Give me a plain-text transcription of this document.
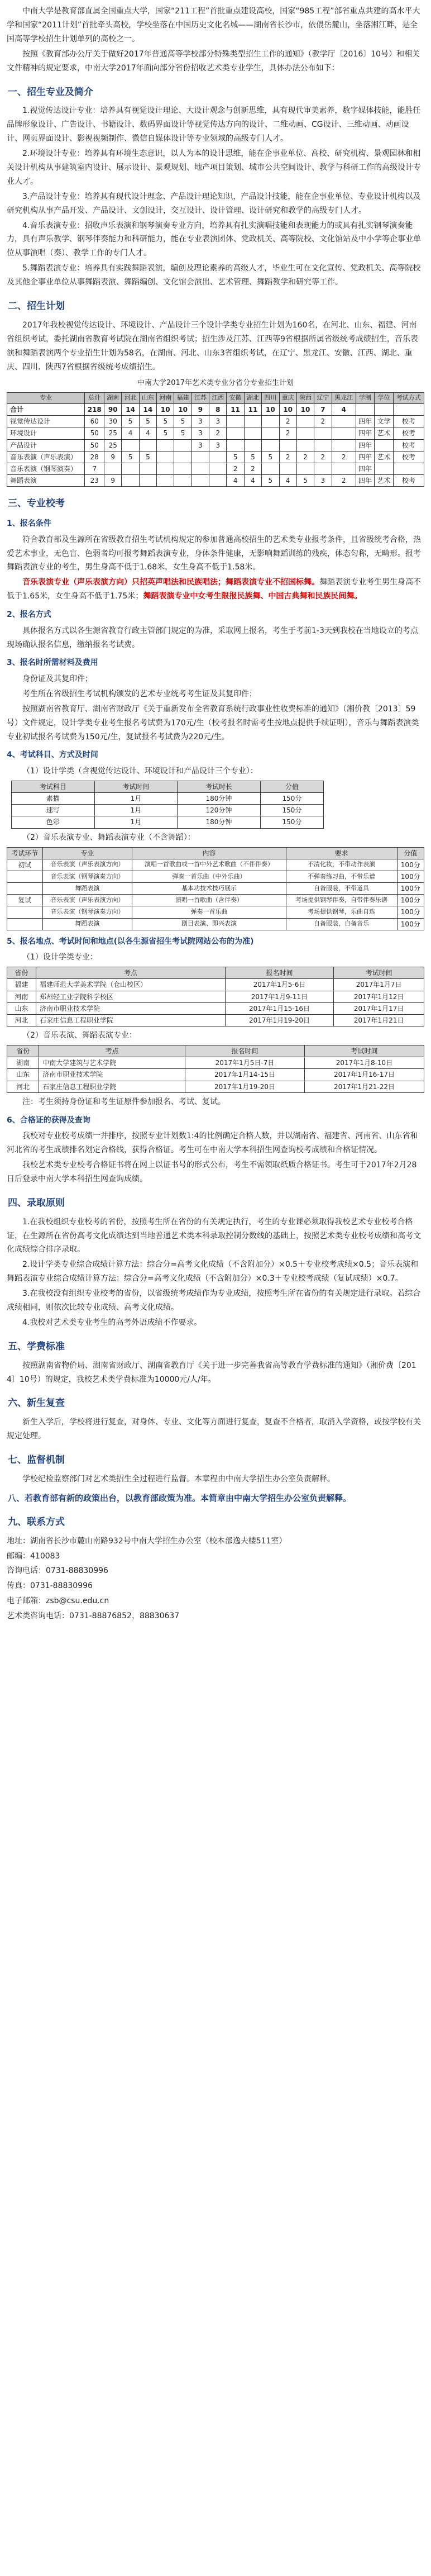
中南大学是教育部直属全国重点大学，国家“211工程”首批重点建设高校，国家“985工程”部省重点共建的高水平大学和国家“2011计划”首批牵头高校，学校坐落在中国历史文化名城——湖南省长沙市，依偎岳麓山，坐落湘江畔，是全国高等学校招生计划单列的高校之一。

按照《教育部办公厅关于做好2017年普通高等学校部分特殊类型招生工作的通知》（教学厅〔2016〕10号）和相关文件精神的规定要求，中南大学2017年面向部分省份招收艺术类专业学生，具体办法公布如下：

一、招生专业及简介

1.视觉传达设计专业：培养具有视觉设计理论、大设计观念与创新思维，具有现代审美素养，数字媒体技能，能胜任品牌形象设计、广告设计、书籍设计、数码界面设计等视觉传达方向的设计、二维动画、CG设计、三维动画、动画设计、网页界面设计、影视视频制作、微信自媒体设计等专业领域的高级专门人才。

2.环境设计专业：培养具有环境生态意识，以人为本的设计思维，能在企事业单位、高校、研究机构、景观园林和相关设计机构从事建筑室内设计、展示设计、景观规划、地产项目策划、城市公共空间设计、教学与科研工作的高级设计专业人才。

3.产品设计专业：培养具有现代设计理念、产品设计理论知识，产品设计技能，能在企事业单位、专业设计机构以及研究机构从事产品开发、产品设计、文创设计，交互设计、设计管理、设计研究和教学的高级专门人才。

4.音乐表演专业：招收声乐表演和钢琴演奏专业方向，培养具有扎实演唱技能和表现能力的或具有扎实钢琴演奏能力，具有声乐教学、钢琴伴奏能力和科研能力，能在专业表演团体、党政机关、高等院校、文化馆站及中小学等企事业单位从事演唱（奏）、教学工作的专门人才。

5.舞蹈表演专业：培养具有实践舞蹈表演，编创及理论素养的高级人才，毕业生可在文化宣传、党政机关、高等院校及其他企事业单位从事舞蹈表演、舞蹈编创、文化馆会演出、艺术管理、舞蹈教学和研究等工作。

二、招生计划

2017年我校视觉传达设计、环境设计、产品设计三个设计学类专业招生计划为160名，在河北、山东、福建、河南省组织考试，委托湖南省教育考试院在湖南省组织考试；招生涉及江苏、江西等9省根据所属省级统考成绩招生，音乐表演和舞蹈表演两个专业招生计划为58名，在湖南、河北、山东3省组织考试，在辽宁、黑龙江、安徽、江西、湖北、重庆、四川、陕西7省根据省级统考成绩招生。

中南大学2017年艺术类专业分省分专业招生计划
专业	总计	湖南	河北	山东	河南	福建	江苏	江西	安徽	湖北	四川	重庆	陕西	辽宁	黑龙江	学制	学位	考试方式
合计	218	90	14	14	10	10	9	8	11	11	10	10	10	7	4			
视觉传达设计	60	30	5	5	5	5	3	3				2		2		四年	文学	校考
环境设计	50	25	4	4	5	5	3	2				2				四年	艺术	校考
产品设计	50	25					3	3								四年		校考
音乐表演（声乐表演）	28	9	5	5					5	5	5	2	2	2	2	四年	艺术	校考
音乐表演（钢琴演奏）	7								2	2						四年		
舞蹈表演	23	9							4	4	5	4	5	3	2	四年	艺术	校考
三、专业校考
1、报名条件

符合教育部及生源所在省级教育招生考试机构规定的参加普通高校招生的艺术类专业报考条件，且省级统考合格，热爱艺术事业，无色盲、色弱者均可报考舞蹈表演专业，身体条件健康，无影响舞蹈训练的残疾，体态匀称，无畸形。报考舞蹈表演专业的考生，男生身高不低于1.68米，女生身高不低于1.58米。

音乐表演专业（声乐表演方向）只招英声唱法和民族唱法；舞蹈表演专业不招国标舞。舞蹈表演专业考生男生身高不低于1.65米，女生身高不低于1.75米；舞蹈表演专业中女考生限报民族舞、中国古典舞和民族民间舞。

2、报名方式

具体报名方式以各生源省教育行政主管部门规定的为准，采取网上报名，考生于考前1-3天到我校在当地设立的考点现场确认报名信息，缴纳报名考试费。

3、报名时所需材料及费用

身份证及其复印件；

考生所在省级招生考试机构颁发的艺术专业统考考生证及其复印件；

按照湖南省教育厅、湖南省财政厅《关于重新发布全省教育系统行政事业性收费标准的通知》（湘价教〔2013〕59号）文件规定，设计学类专业考生报名考试费为170元/生（校考报名时需考生按地点提供手续证明），音乐与舞蹈表演类专业初试报名考试费为150元/生，复试报名考试费为220元/生。

4、考试科目、方式及时间

（1）设计学类（含视觉传达设计、环境设计和产品设计三个专业）：

考试科目	考试时间	考试时长	分值
素描	1月	180分钟	150分
速写	1月	120分钟	150分
色彩	1月	180分钟	150分

（2）音乐表演专业、舞蹈表演专业（不含舞蹈）：

考试环节	专业	内容	要求	分值
初试	音乐表演（声乐表演方向）	演唱一首歌曲或一首中外艺术歌曲（不伴伴奏）	不清化妆，不带动作表演	100分
	音乐表演（钢琴演奏方向）	弹奏一首乐曲（中外乐曲）	不弹奏练习曲，不带乐谱	100分
	舞蹈表演	基本功技术技巧展示	自备服装，不带道具	100分
复试	音乐表演（声乐表演方向）	演唱一首歌曲（含伴奏）	考场提供钢琴伴奏，自带伴奏乐谱	100分
	音乐表演（钢琴演奏方向）	弹奏一首乐曲	考场提供钢琴，乐曲自选	100分
	舞蹈表演	剧目表演、即兴表演	自备服装，自备音乐	100分
5、报名地点、考试时间和地点(以各生源省招生考试院网站公布的为准)

（1）设计学类专业：

省份	考点	报名时间	考试时间
福建	福建师范大学美术学院（仓山校区）	2017年1月5-6日	2017年1月7日
河南	郑州轻工业学院科学校区	2017年1月9-11日	2017年1月12日
山东	济南市职业技术学院	2017年1月15-16日	2017年1月17日
河北	石家庄信息工程职业学院	2017年1月19-20日	2017年1月21日

（2）音乐表演、舞蹈表演专业：

省份	考点	报名时间	考试时间
湖南	中南大学建筑与艺术学院	2017年1月5日-7日	2017年1月8-10日
山东	济南市职业技术学院	2017年1月14-15日	2017年1月16-17日
河北	石家庄信息工程职业学院	2017年1月19-20日	2017年1月21-22日

注：考生须持身份证和考生证原件参加报名、考试、复试。

6、合格证的获得及查询

我校对专业校考成绩一并排序，按照专业计划数1:4的比例确定合格人数，并以湖南省、福建省、河南省、山东省和河北省的考生成绩排名划定合格线，获得合格证。考生可在中南大学本科招生网查询校考成绩和合格证情况。

我校艺术类专业校考合格证书将在网上以证书号的形式公布，考生不需领取纸质合格证书。考生可于2017年2月28日后登录中南大学本科招生网查询成绩。

四、录取原则

1.在我校组织专业校考的省份，按照考生所在省份的有关规定执行，考生的专业课必须取得我校艺术专业校考合格证，在生源所在省份高考文化成绩达到当地普通艺术类本科录取控制分数线的基础上，按照艺术类专业校考成绩和高考文化成绩综合排序录取。

2.设计学类专业综合成绩计算方法：综合分=高考文化成绩（不含附加分）×0.5＋专业校考成绩×0.5；音乐表演和舞蹈表演专业综合成绩计算方法：综合分=高考文化成绩（不含附加分）×0.3＋专业校考成绩（复试成绩）×0.7。

3.在我校没有组织专业校考的省份，以省级统考成绩作为专业成绩，按照考生所在省份的有关规定进行录取。若综合成绩相同，则依次比较专业成绩、高考文化成绩。

4.我校对艺术类专业考生的高考外语成绩不作要求。

五、学费标准

按照湖南省物价局、湖南省财政厅、湖南省教育厅《关于进一步完善我省高等教育学费标准的通知》（湘价费〔2014〕10号）的规定，我校艺术类学费标准为10000元/人/年。

六、新生复查

新生入学后，学校将进行复查，对身体、专业、文化等方面进行复查，复查不合格者，取消入学资格，或按学校有关规定处理。

七、监督机制

学校纪检监察部门对艺术类招生全过程进行监督。本章程由中南大学招生办公室负责解释。

八、若教育部有新的政策出台，以教育部政策为准。本简章由中南大学招生办公室负责解释。
九、联系方式

地址：湖南省长沙市麓山南路932号中南大学招生办公室（校本部逸夫楼511室）

邮编：410083

咨询电话：0731-88830996

传真：0731-88830996

电子邮箱：zsb@csu.edu.cn

艺术类咨询电话：0731-88876852，88830637
